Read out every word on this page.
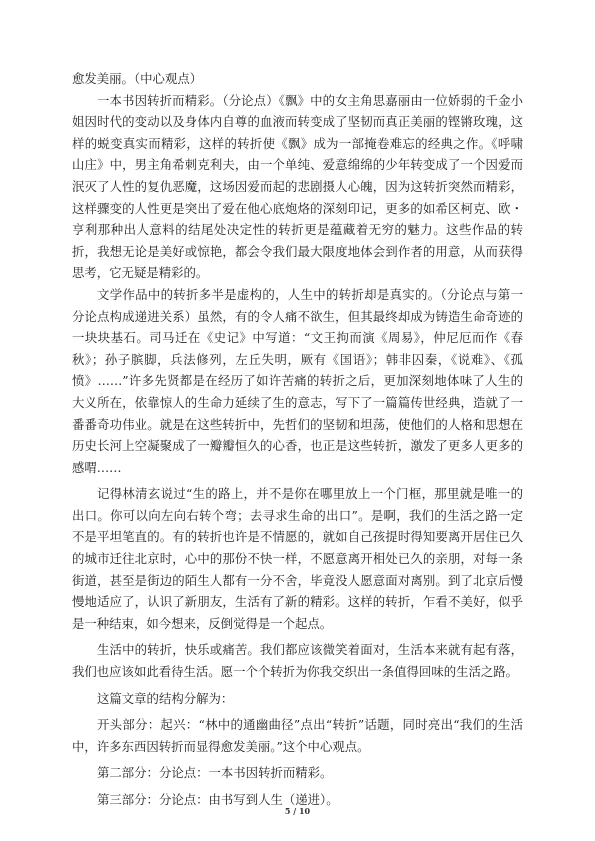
愈发美丽。（中心观点）

一本书因转折而精彩。（分论点）《飘》中的女主角思嘉丽由一位娇弱的千金小姐因时代的变动以及身体内自尊的血液而转变成了坚韧而真正美丽的铿锵玫瑰，这样的蜕变真实而精彩，这样的转折使《飘》成为一部掩卷难忘的经典之作。《呼啸山庄》中，男主角希刺克利夫，由一个单纯、爱意绵绵的少年转变成了一个因爱而泯灭了人性的复仇恶魔，这场因爱而起的悲剧摄人心魄，因为这转折突然而精彩，这样骤变的人性更是突出了爱在他心底炮烙的深刻印记，更多的如希区柯克、欧・亨利那种出人意料的结尾处决定性的转折更是蕴藏着无穷的魅力。这些作品的转折，我想无论是美好或惊艳，都会令我们最大限度地体会到作者的用意，从而获得思考，它无疑是精彩的。

文学作品中的转折多半是虚构的，人生中的转折却是真实的。（分论点与第一分论点构成递进关系）虽然，有的令人痛不欲生，但其最终却成为铸造生命奇迹的一块块基石。司马迁在《史记》中写道：“文王拘而演《周易》，仲尼厄而作《春秋》；孙子膑脚，兵法修列，左丘失明，厥有《国语》；韩非囚秦，《说难》、《孤愤》……”许多先贤都是在经历了如许苦痛的转折之后，更加深刻地体味了人生的大义所在，依靠惊人的生命力延续了生的意志，写下了一篇篇传世经典，造就了一番番奇功伟业。就是在这些转折中，先哲们的坚韧和坦荡，使他们的人格和思想在历史长河上空凝聚成了一瓣瓣恒久的心香，也正是这些转折，激发了更多人更多的感喟……

记得林清玄说过“生的路上，并不是你在哪里放上一个门框，那里就是唯一的出口。你可以向左向右转个弯；去寻求生命的出口”。是啊，我们的生活之路一定不是平坦笔直的。有的转折也许是不情愿的，就如自己孩提时得知要离开居住已久的城市迁往北京时，心中的那份不快一样，不愿意离开相处已久的亲朋，对每一条街道，甚至是街边的陌生人都有一分不舍，毕竟没人愿意面对离别。到了北京后慢慢地适应了，认识了新朋友，生活有了新的精彩。这样的转折，乍看不美好，似乎是一种结束，如今想来，反倒觉得是一个起点。

生活中的转折，快乐或痛苦。我们都应该微笑着面对，生活本来就有起有落，我们也应该如此看待生活。愿一个个转折为你我交织出一条值得回味的生活之路。

这篇文章的结构分解为：

开头部分：起兴：“林中的通幽曲径”点出“转折”话题，同时亮出“我们的生活中，许多东西因转折而显得愈发美丽。”这个中心观点。

第二部分：分论点：一本书因转折而精彩。

第三部分：分论点：由书写到人生（递进）。

5 / 10
